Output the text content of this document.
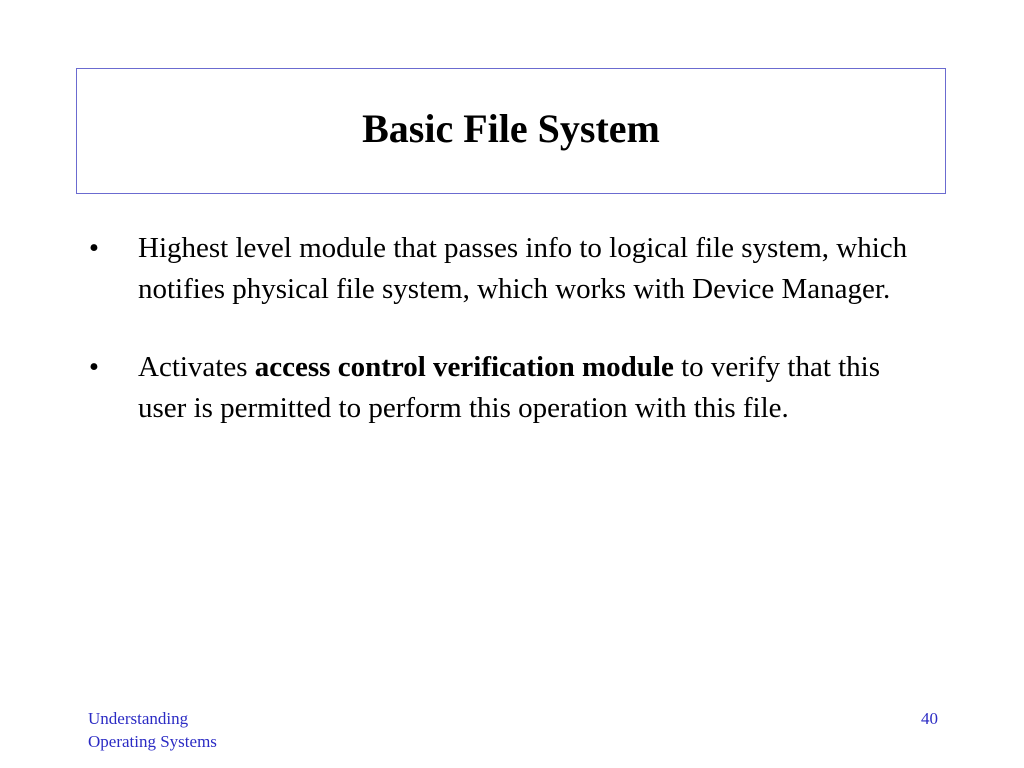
Basic File System
• Highest level module that passes info to logical file system, which notifies physical file system, which works with Device Manager.
• Activates access control verification module to verify that this user is permitted to perform this operation with this file.
Understanding
Operating Systems
40
